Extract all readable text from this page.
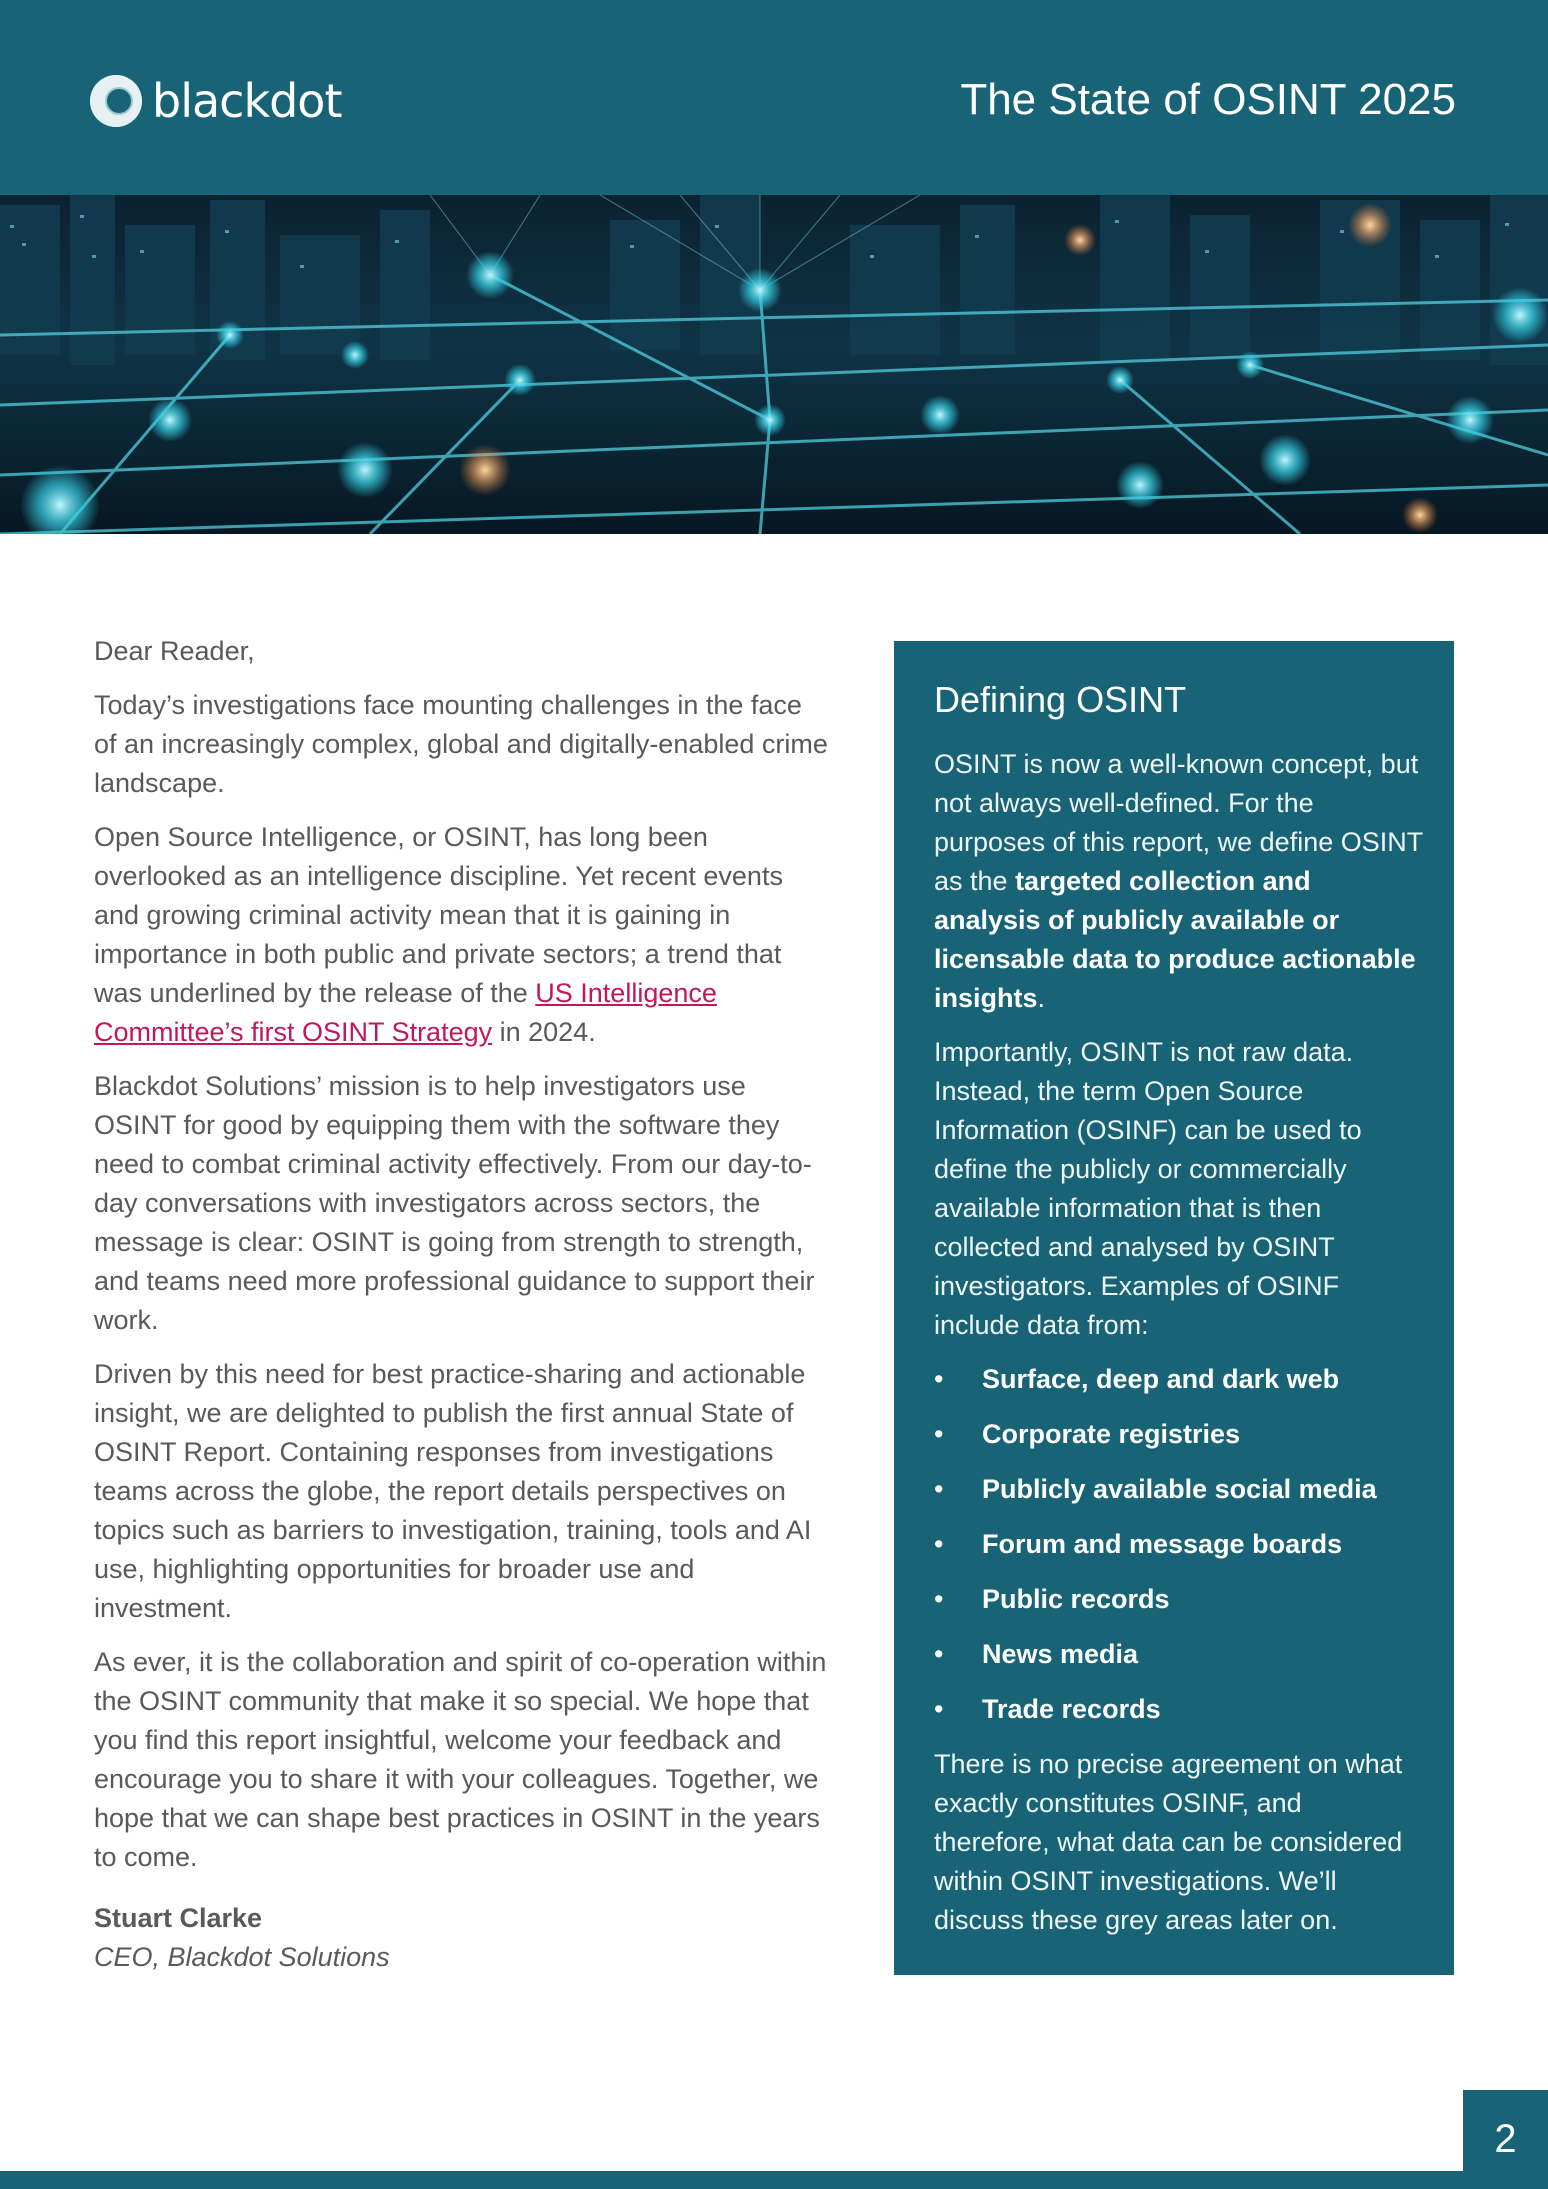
blackdot	The State of OSINT 2025

Dear Reader,

Today’s investigations face mounting challenges in the face of an increasingly complex, global and digitally-enabled crime landscape.

Open Source Intelligence, or OSINT, has long been overlooked as an intelligence discipline. Yet recent events and growing criminal activity mean that it is gaining in importance in both public and private sectors; a trend that was underlined by the release of the US Intelligence Committee’s first OSINT Strategy in 2024.

Blackdot Solutions’ mission is to help investigators use OSINT for good by equipping them with the software they need to combat criminal activity effectively. From our day-to-day conversations with investigators across sectors, the message is clear: OSINT is going from strength to strength, and teams need more professional guidance to support their work.

Driven by this need for best practice-sharing and actionable insight, we are delighted to publish the first annual State of OSINT Report. Containing responses from investigations teams across the globe, the report details perspectives on topics such as barriers to investigation, training, tools and AI use, highlighting opportunities for broader use and investment.

As ever, it is the collaboration and spirit of co-operation within the OSINT community that make it so special. We hope that you find this report insightful, welcome your feedback and encourage you to share it with your colleagues. Together, we hope that we can shape best practices in OSINT in the years to come.

Stuart Clarke
CEO, Blackdot Solutions
Defining OSINT

OSINT is now a well-known concept, but not always well-defined. For the purposes of this report, we define OSINT as the targeted collection and analysis of publicly available or licensable data to produce actionable insights.

Importantly, OSINT is not raw data. Instead, the term Open Source Information (OSINF) can be used to define the publicly or commercially available information that is then collected and analysed by OSINT investigators. Examples of OSINF include data from:

• Surface, deep and dark web
• Corporate registries
• Publicly available social media
• Forum and message boards
• Public records
• News media
• Trade records

There is no precise agreement on what exactly constitutes OSINF, and therefore, what data can be considered within OSINT investigations. We’ll discuss these grey areas later on.

2
